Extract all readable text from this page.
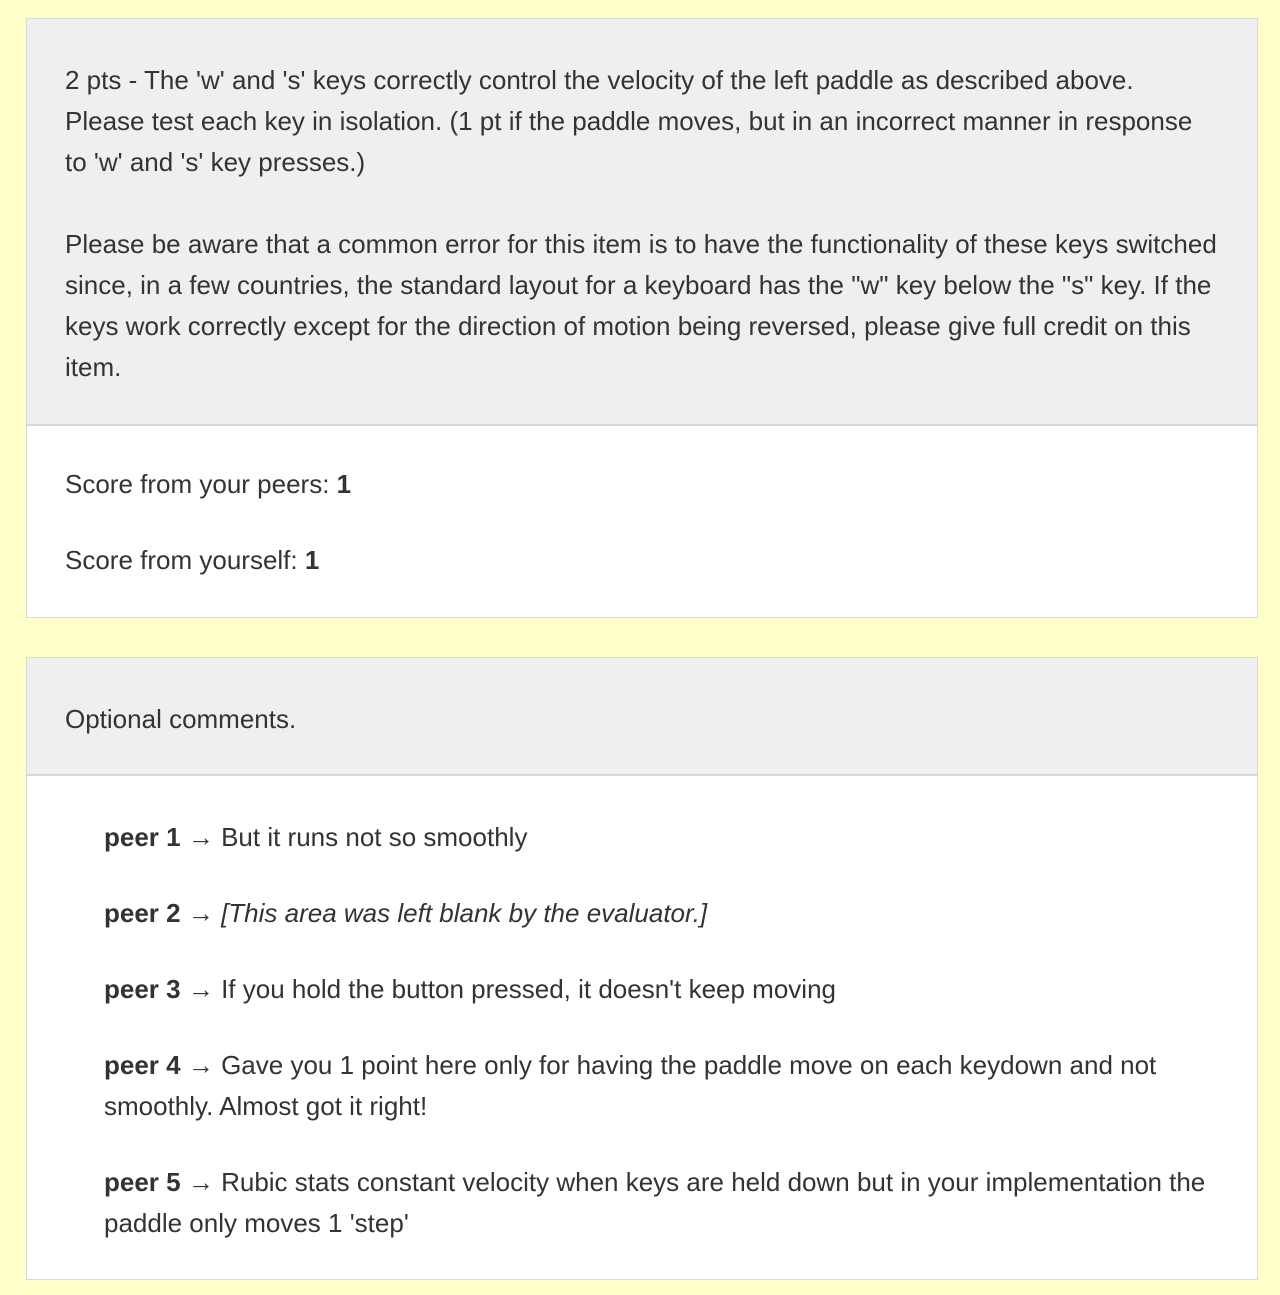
2 pts - The 'w' and 's' keys correctly control the velocity of the left paddle as described above. Please test each key in isolation. (1 pt if the paddle moves, but in an incorrect manner in response to 'w' and 's' key presses.)

Please be aware that a common error for this item is to have the functionality of these keys switched since, in a few countries, the standard layout for a keyboard has the "w" key below the "s" key. If the keys work correctly except for the direction of motion being reversed, please give full credit on this item.

Score from your peers: 1
Score from yourself: 1

Optional comments.

peer 1 → But it runs not so smoothly

peer 2 → [This area was left blank by the evaluator.]

peer 3 → If you hold the button pressed, it doesn't keep moving

peer 4 → Gave you 1 point here only for having the paddle move on each keydown and not smoothly. Almost got it right!

peer 5 → Rubic stats constant velocity when keys are held down but in your implementation the paddle only moves 1 'step'
